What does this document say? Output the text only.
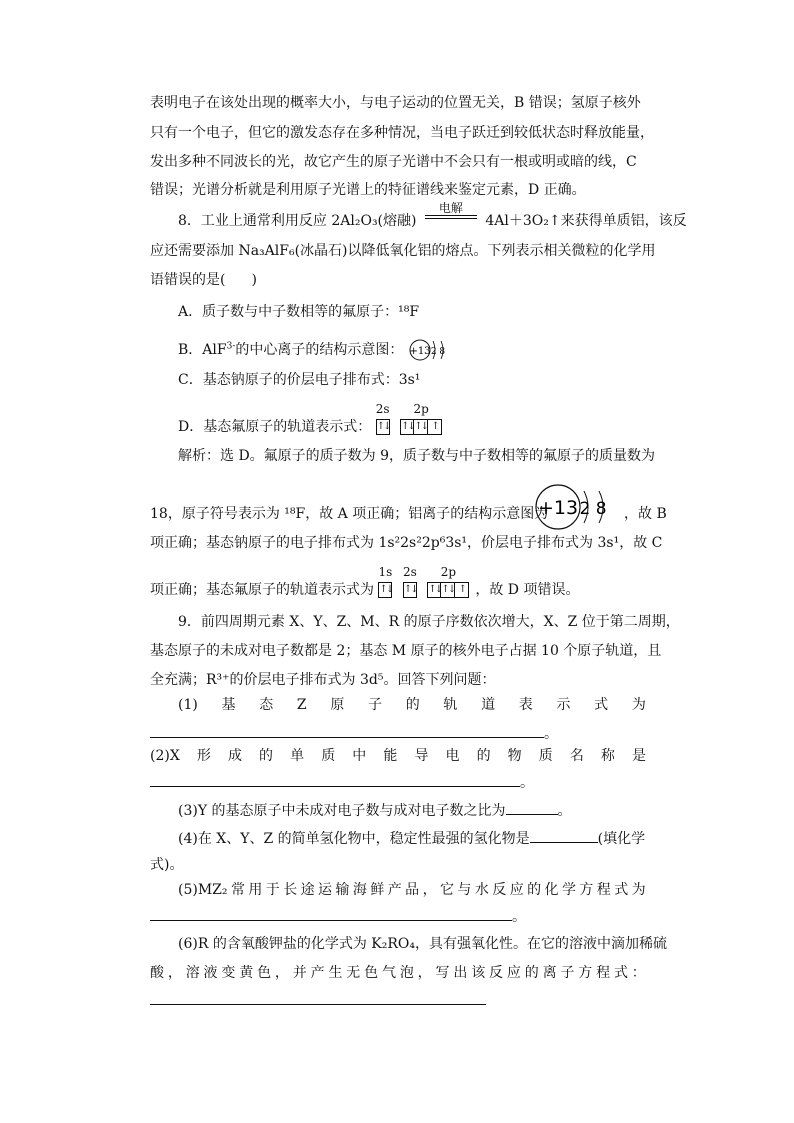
表明电子在该处出现的概率大小，与电子运动的位置无关，B 错误；氢原子核外
只有一个电子，但它的激发态存在多种情况，当电子跃迁到较低状态时释放能量，
发出多种不同波长的光，故它产生的原子光谱中不会只有一根或明或暗的线，C
错误；光谱分析就是利用原子光谱上的特征谱线来鉴定元素，D 正确。
8．工业上通常利用反应 2Al₂O₃(熔融)
电解
4Al＋3O₂↑来获得单质铝，该反
应还需要添加 Na₃AlF₆(冰晶石)以降低氧化铝的熔点。下列表示相关微粒的化学用
语错误的是( )
A．质子数与中子数相等的氟原子：¹⁸F
B．AlF$^{3-}$的中心离子的结构示意图： +13 2 8
C．基态钠原子的价层电子排布式：3s¹
D．基态氟原子的轨道表示式：
2s
↑↓

2p
↑↓ ↑↓ ↑
解析：选 D。氟原子的质子数为 9，质子数与中子数相等的氟原子的质量数为
18，原子符号表示为 ¹⁸F，故 A 项正确；铝离子的结构示意图为
+13 2 8 ，故 B
项正确；基态钠原子的电子排布式为 1s²2s²2p⁶3s¹，价层电子排布式为 3s¹，故 C
项正确；基态氟原子的轨道表示式为
1s
↑↓

2s
↑↓

2p
↑↓ ↑↓ ↑ ，故 D 项错误。
9．前四周期元素 X、Y、Z、M、R 的原子序数依次增大，X、Z 位于第二周期，
基态原子的未成对电子数都是 2；基态 M 原子的核外电子占据 10 个原子轨道，且
全充满；R³⁺的价层电子排布式为 3d⁵。回答下列问题：
(1) 基 态 Z 原 子 的 轨 道 表 示 式 为
。
(2)X 形 成 的 单 质 中 能 导 电 的 物 质 名 称 是
。
(3)Y 的基态原子中未成对电子数与成对电子数之比为	。
(4)在 X、Y、Z 的简单氢化物中，稳定性最强的氢化物是	(填化学
式)。
(5)MZ₂ 常 用 于 长 途 运 输 海 鲜 产 品 ， 它 与 水 反 应 的 化 学 方 程 式 为
。
(6)R 的含氧酸钾盐的化学式为 K₂RO₄，具有强氧化性。在它的溶液中滴加稀硫
酸 ， 溶 液 变 黄 色 ， 并 产 生 无 色 气 泡 ， 写 出 该 反 应 的 离 子 方 程 式 ：
